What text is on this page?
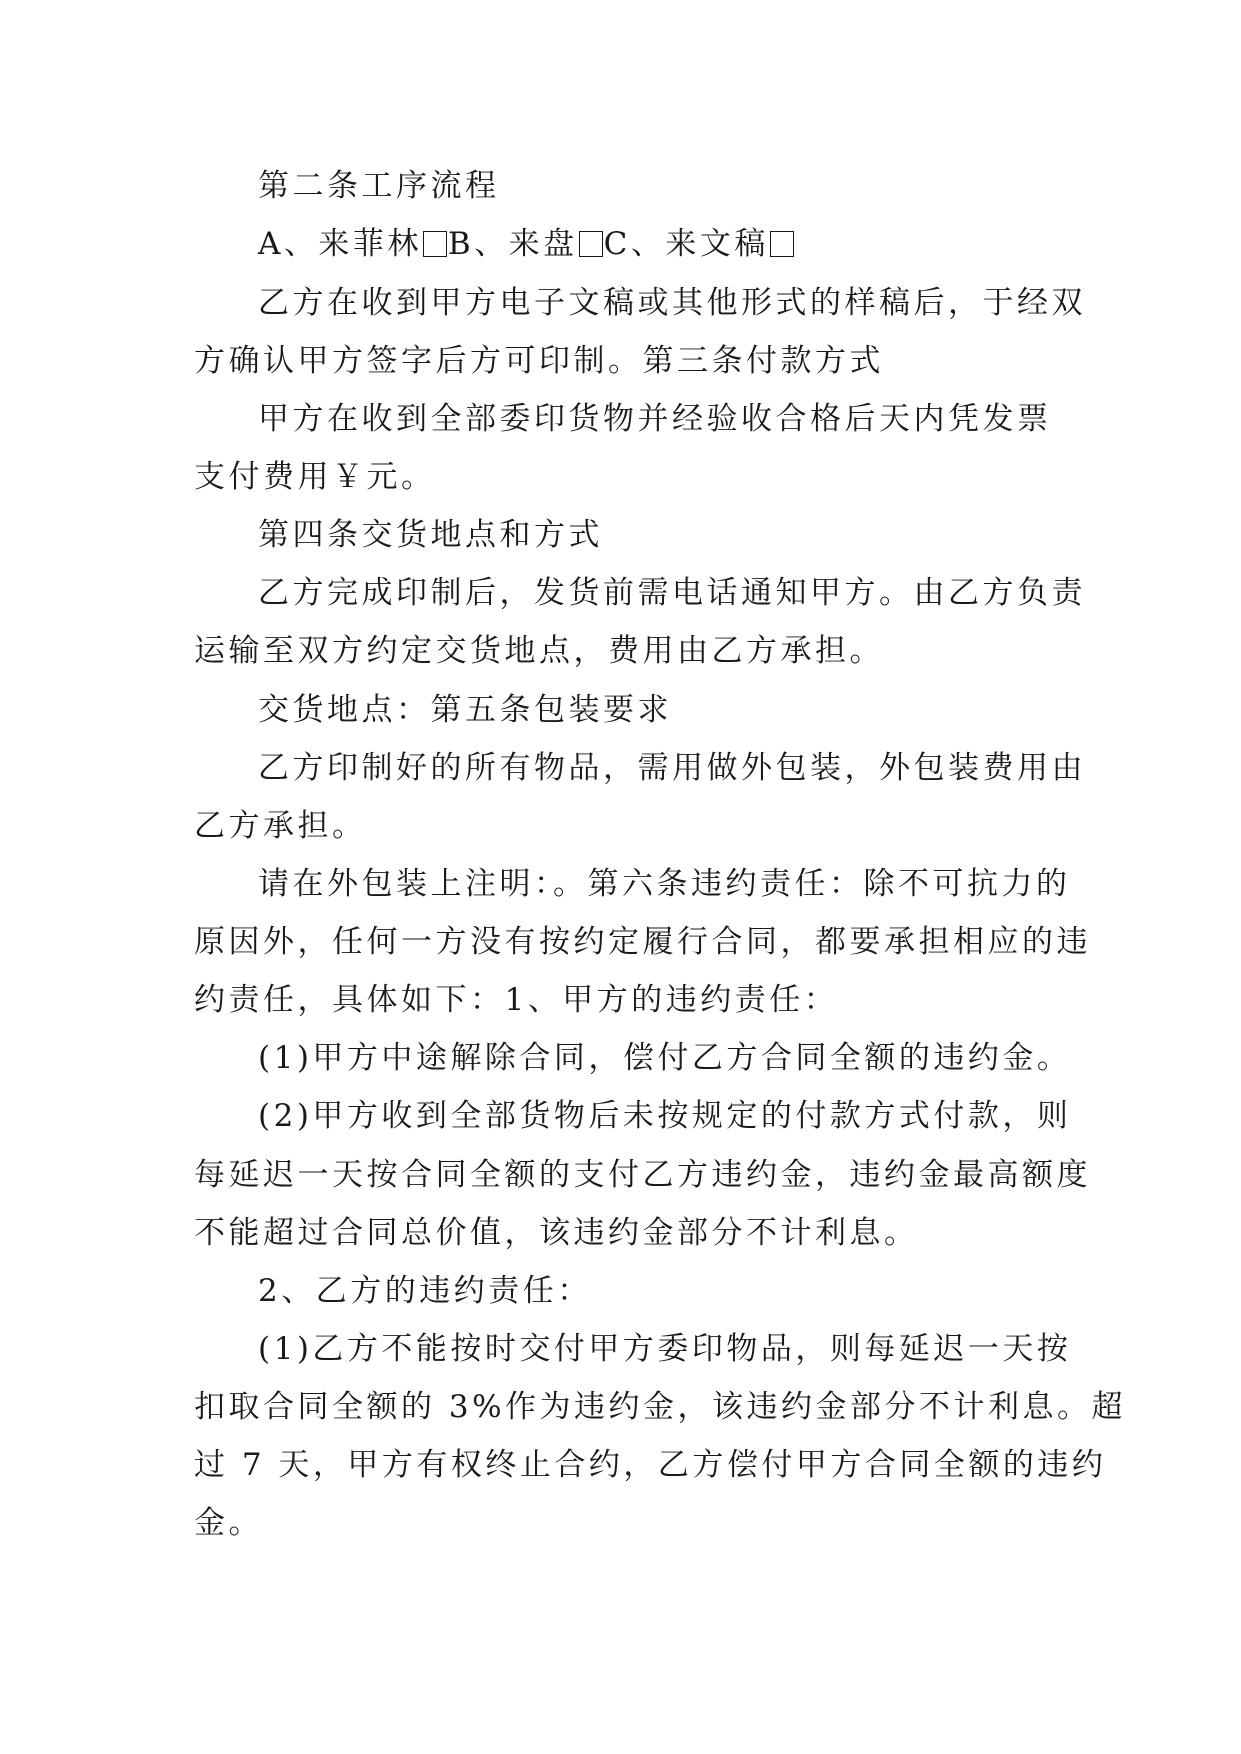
第二条工序流程
A、来菲林 B、来盘 C、来文稿
乙方在收到甲方电子文稿或其他形式的样稿后，于经双
方确认甲方签字后方可印制。第三条付款方式
甲方在收到全部委印货物并经验收合格后天内凭发票
支付费用￥元。
第四条交货地点和方式
乙方完成印制后，发货前需电话通知甲方。由乙方负责
运输至双方约定交货地点，费用由乙方承担。
交货地点：第五条包装要求
乙方印制好的所有物品，需用做外包装，外包装费用由
乙方承担。
请在外包装上注明：。第六条违约责任：除不可抗力的
原因外，任何一方没有按约定履行合同，都要承担相应的违
约责任，具体如下：1、甲方的违约责任：
(1)甲方中途解除合同，偿付乙方合同全额的违约金。
(2)甲方收到全部货物后未按规定的付款方式付款，则
每延迟一天按合同全额的支付乙方违约金，违约金最高额度
不能超过合同总价值，该违约金部分不计利息。
2、乙方的违约责任：
(1)乙方不能按时交付甲方委印物品，则每延迟一天按
扣取合同全额的 3%作为违约金，该违约金部分不计利息。超
过 7 天，甲方有权终止合约，乙方偿付甲方合同全额的违约
金。
